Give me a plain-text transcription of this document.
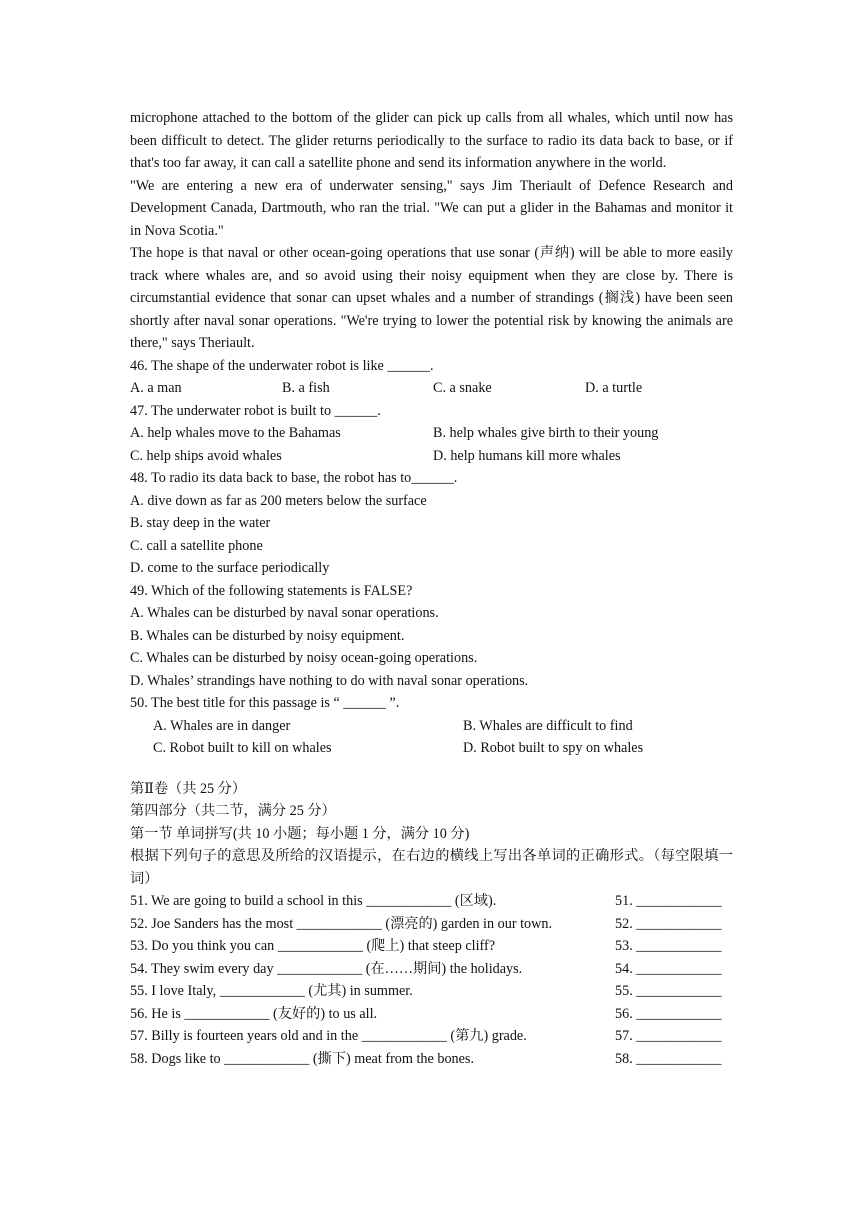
microphone attached to the bottom of the glider can pick up calls from all whales, which until now has been difficult to detect. The glider returns periodically to the surface to radio its data back to base, or if that's too far away, it can call a satellite phone and send its information anywhere in the world.

"We are entering a new era of underwater sensing," says Jim Theriault of Defence Research and Development Canada, Dartmouth, who ran the trial. "We can put a glider in the Bahamas and monitor it in Nova Scotia."

The hope is that naval or other ocean-going operations that use sonar (声纳) will be able to more easily track where whales are, and so avoid using their noisy equipment when they are close by. There is circumstantial evidence that sonar can upset whales and a number of strandings (搁浅) have been seen shortly after naval sonar operations. "We're trying to lower the potential risk by knowing the animals are there," says Theriault.

46. The shape of the underwater robot is like ______.
A. a man	B. a fish	C. a snake	D. a turtle
47. The underwater robot is built to ______.
A. help whales move to the Bahamas	B. help whales give birth to their young
C. help ships avoid whales	D. help humans kill more whales
48. To radio its data back to base, the robot has to______.
A. dive down as far as 200 meters below the surface
B. stay deep in the water
C. call a satellite phone
D. come to the surface periodically
49. Which of the following statements is FALSE?
A. Whales can be disturbed by naval sonar operations.
B. Whales can be disturbed by noisy equipment.
C. Whales can be disturbed by noisy ocean-going operations.
D. Whales’ strandings have nothing to do with naval sonar operations.
50. The best title for this passage is “ ______ ”.
A. Whales are in danger	B. Whales are difficult to find
C. Robot built to kill on whales	D. Robot built to spy on whales
第Ⅱ卷（共 25 分）
第四部分（共二节，满分 25 分）
第一节 单词拼写(共 10 小题；每小题 1 分，满分 10 分)

根据下列句子的意思及所给的汉语提示，在右边的横线上写出各单词的正确形式。（每空限填一词）

51. We are going to build a school in this ____________ (区域).	51. ____________
52. Joe Sanders has the most ____________ (漂亮的) garden in our town.	52. ____________
53. Do you think you can ____________ (爬上) that steep cliff?	53. ____________
54. They swim every day ____________ (在……期间) the holidays.	54. ____________
55. I love Italy, ____________ (尤其) in summer.	55. ____________
56. He is ____________ (友好的) to us all.	56. ____________
57. Billy is fourteen years old and in the ____________ (第九) grade.	57. ____________
58. Dogs like to ____________ (撕下) meat from the bones.	58. ____________
